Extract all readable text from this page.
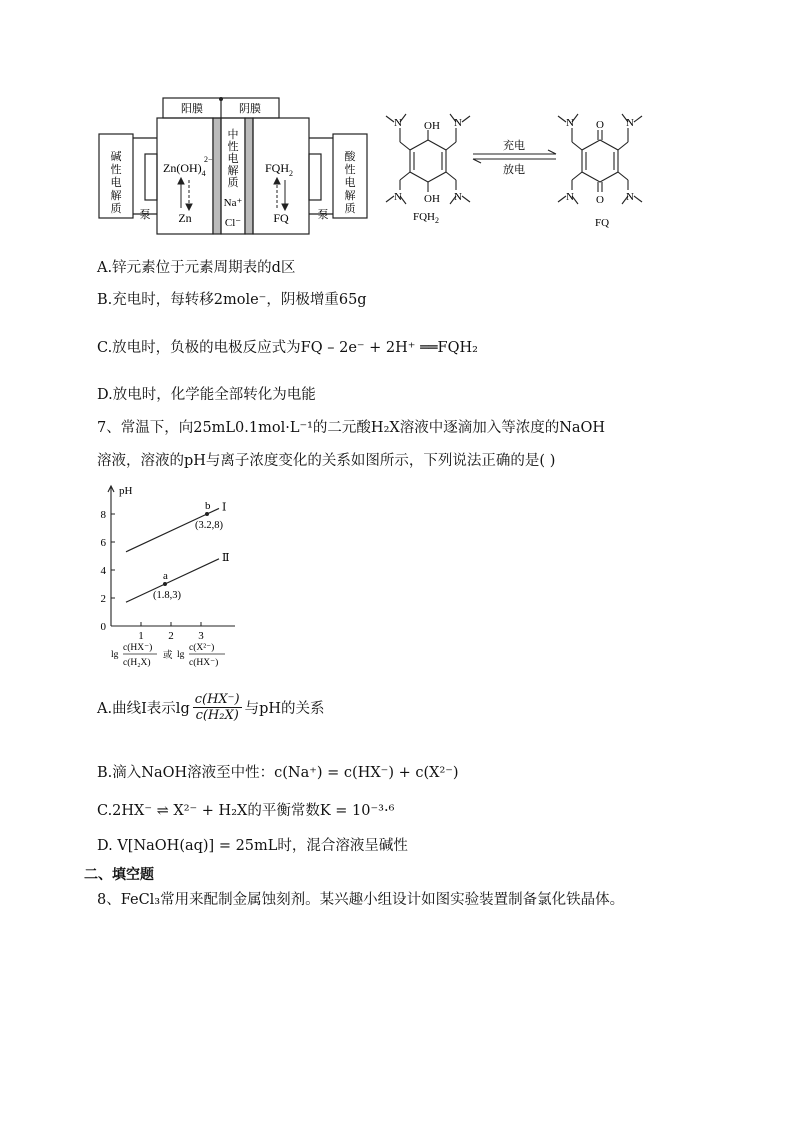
阳膜	阴膜
碱
性
电
解
质
酸
性
电
解
质
中
性
电
解
质
Na⁺
Cl⁻
泵	泵
$Zn(OH)_4$
2−
Zn
$FQH_2$
FQ
OH
OH
N	N
N	N
O
O
N	N
N	N
充电
放电
$FQH_2$	FQ
A.锌元素位于元素周期表的d区
B.充电时，每转移2mole⁻，阴极增重65g
C.放电时，负极的电极反应式为FQ – 2e⁻ + 2H⁺ ══FQH₂
D.放电时，化学能全部转化为电能
7、常温下，向25mL0.1mol·L⁻¹的二元酸H₂X溶液中逐滴加入等浓度的NaOH
溶液，溶液的pH与离子浓度变化的关系如图所示，下列说法正确的是( )
pH
0
2
4
6
8
1 2 3
Ⅰ
Ⅱ
b
(3.2,8)
a
(1.8,3)
lg
c(HX⁻)
c(H₂X)
或 lg
c(X²⁻)
c(HX⁻)
A.曲线Ⅰ表示$\lg \frac{c(HX^-)}{\text{c(H₂X)}}$ 与pH的关系
B.滴入NaOH溶液至中性：c(Na⁺) = c(HX⁻) + c(X²⁻)
C.2HX⁻ ⇌ X²⁻ + H₂X的平衡常数K = 10⁻³·⁶
D. V[NaOH(aq)] = 25mL时，混合溶液呈碱性
二、填空题
8、FeCl₃常用来配制金属蚀刻剂。某兴趣小组设计如图实验装置制备氯化铁晶体。
